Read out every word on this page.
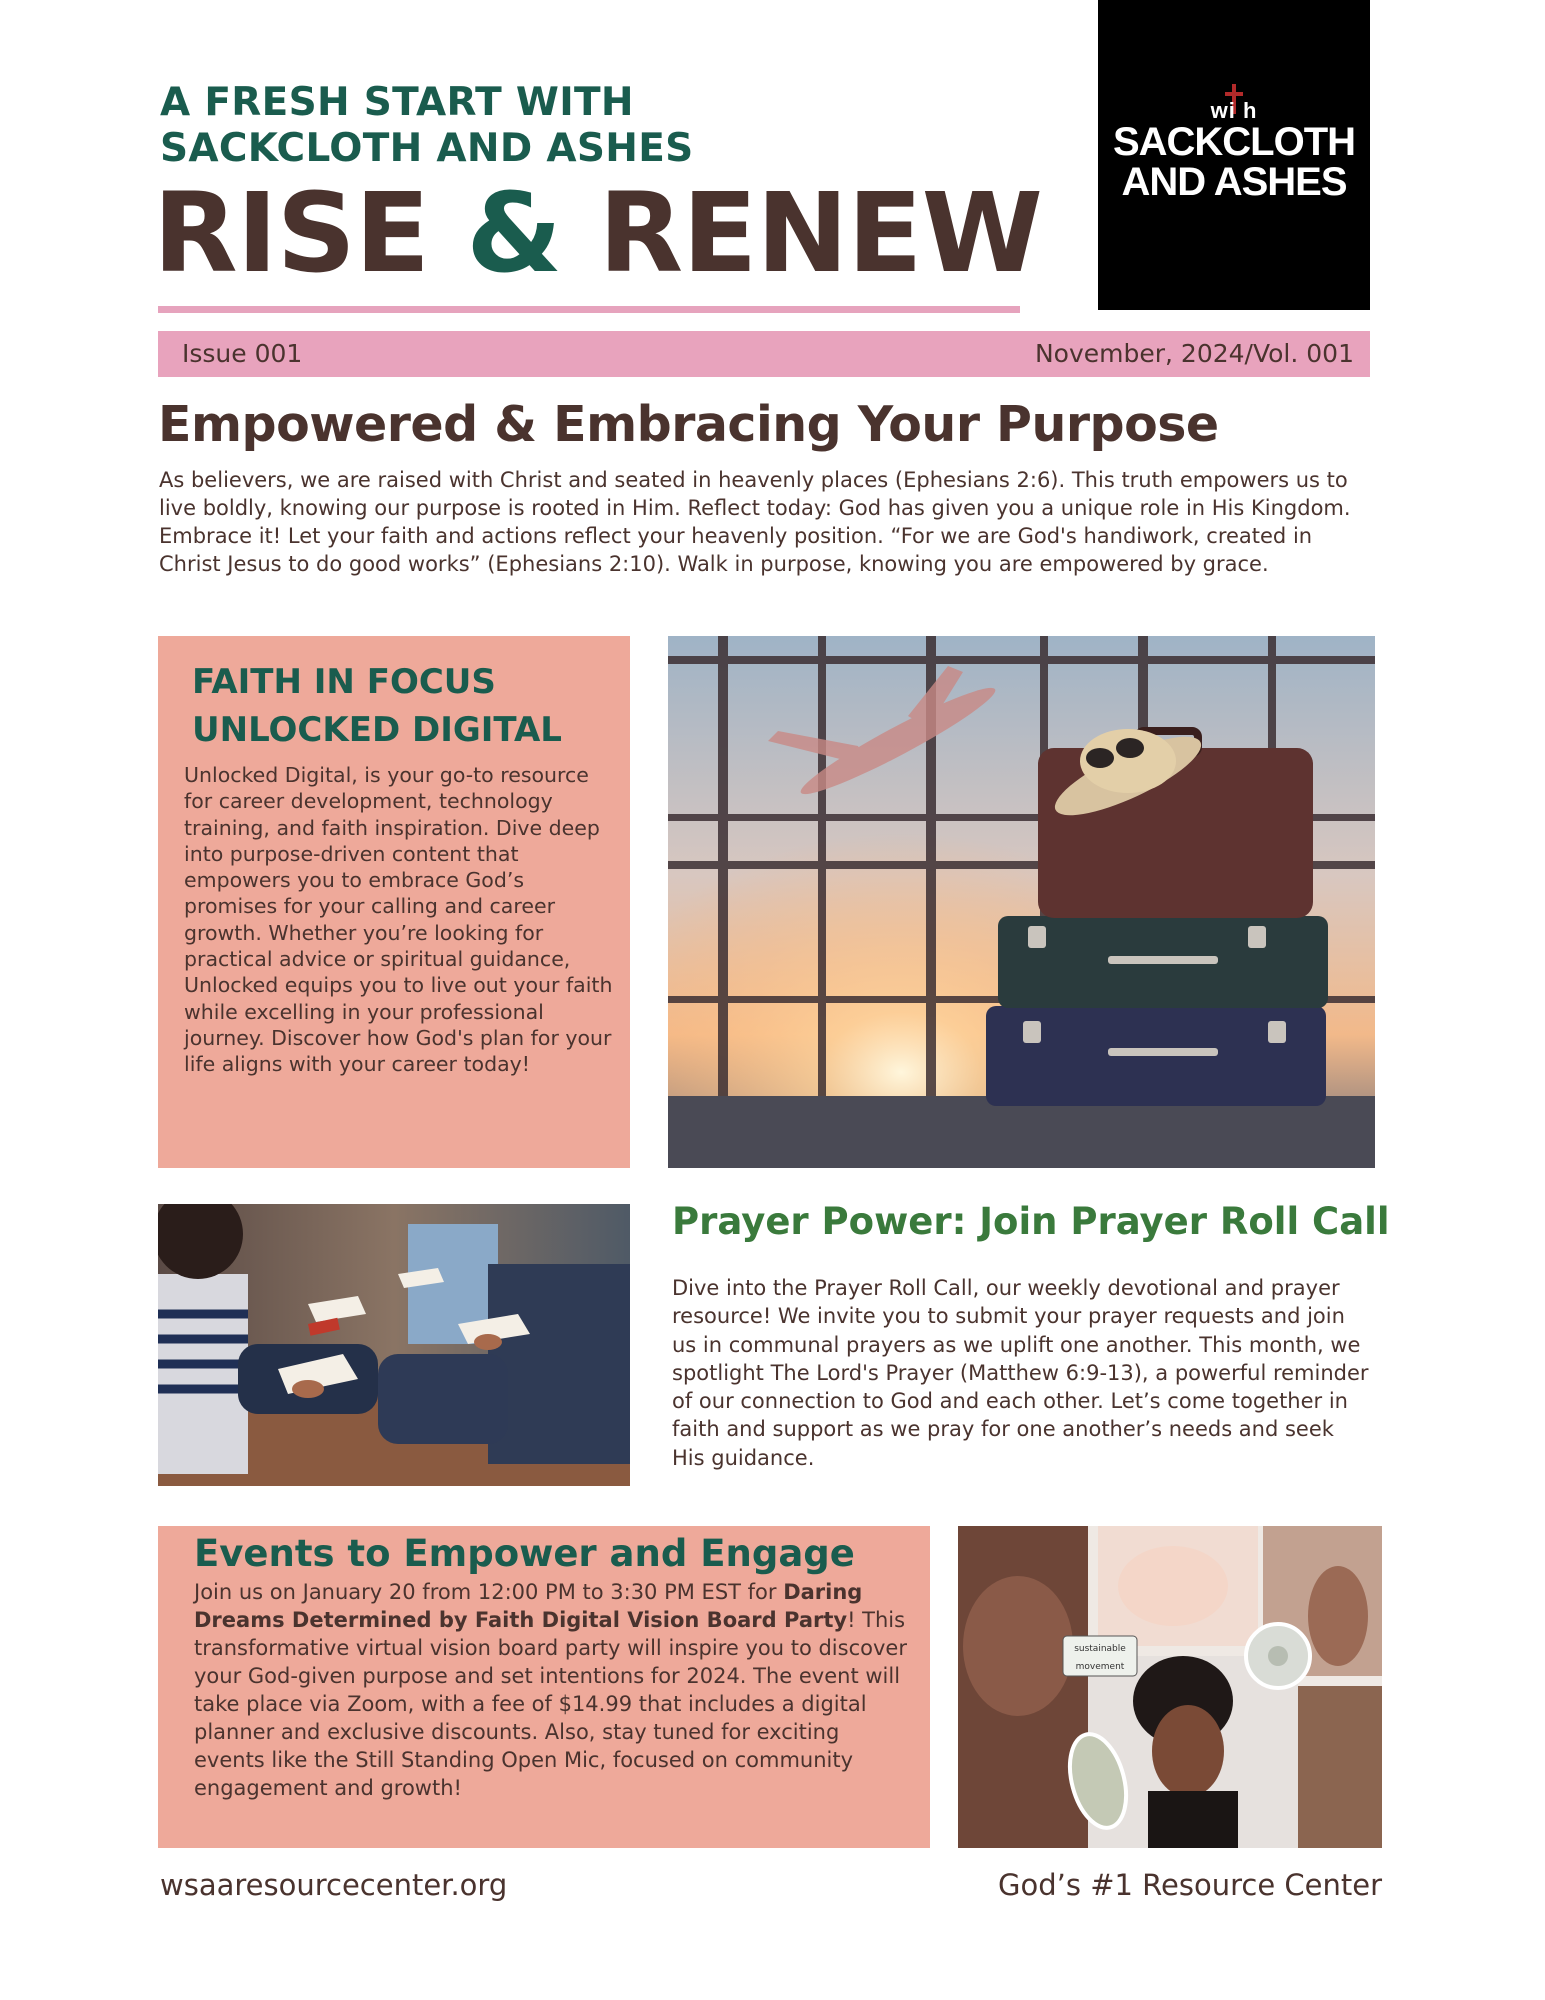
A FRESH START WITH
SACKCLOTH AND ASHES
RISE & RENEW
wi h
SACKCLOTH
AND ASHES
Issue 001	November, 2024/Vol. 001
Empowered & Embracing Your Purpose
As believers, we are raised with Christ and seated in heavenly places (Ephesians 2:6). This truth empowers us to live boldly, knowing our purpose is rooted in Him. Reflect today: God has given you a unique role in His Kingdom. Embrace it! Let your faith and actions reflect your heavenly position. “For we are God's handiwork, created in Christ Jesus to do good works” (Ephesians 2:10). Walk in purpose, knowing you are empowered by grace.
FAITH IN FOCUS
UNLOCKED DIGITAL
Unlocked Digital, is your go-to resource for career development, technology training, and faith inspiration. Dive deep into purpose-driven content that empowers you to embrace God’s promises for your calling and career growth. Whether you’re looking for practical advice or spiritual guidance, Unlocked equips you to live out your faith while excelling in your professional journey. Discover how God's plan for your life aligns with your career today!
Prayer Power: Join Prayer Roll Call
Dive into the Prayer Roll Call, our weekly devotional and prayer resource! We invite you to submit your prayer requests and join us in communal prayers as we uplift one another. This month, we spotlight The Lord's Prayer (Matthew 6:9-13), a powerful reminder of our connection to God and each other. Let’s come together in faith and support as we pray for one another’s needs and seek His guidance.
Events to Empower and Engage
Join us on January 20 from 12:00 PM to 3:30 PM EST for Daring Dreams Determined by Faith Digital Vision Board Party! This transformative virtual vision board party will inspire you to discover your God-given purpose and set intentions for 2024. The event will take place via Zoom, with a fee of $14.99 that includes a digital planner and exclusive discounts. Also, stay tuned for exciting events like the Still Standing Open Mic, focused on community engagement and growth!
sustainable
movement
wsaaresourcecenter.org	God’s #1 Resource Center
